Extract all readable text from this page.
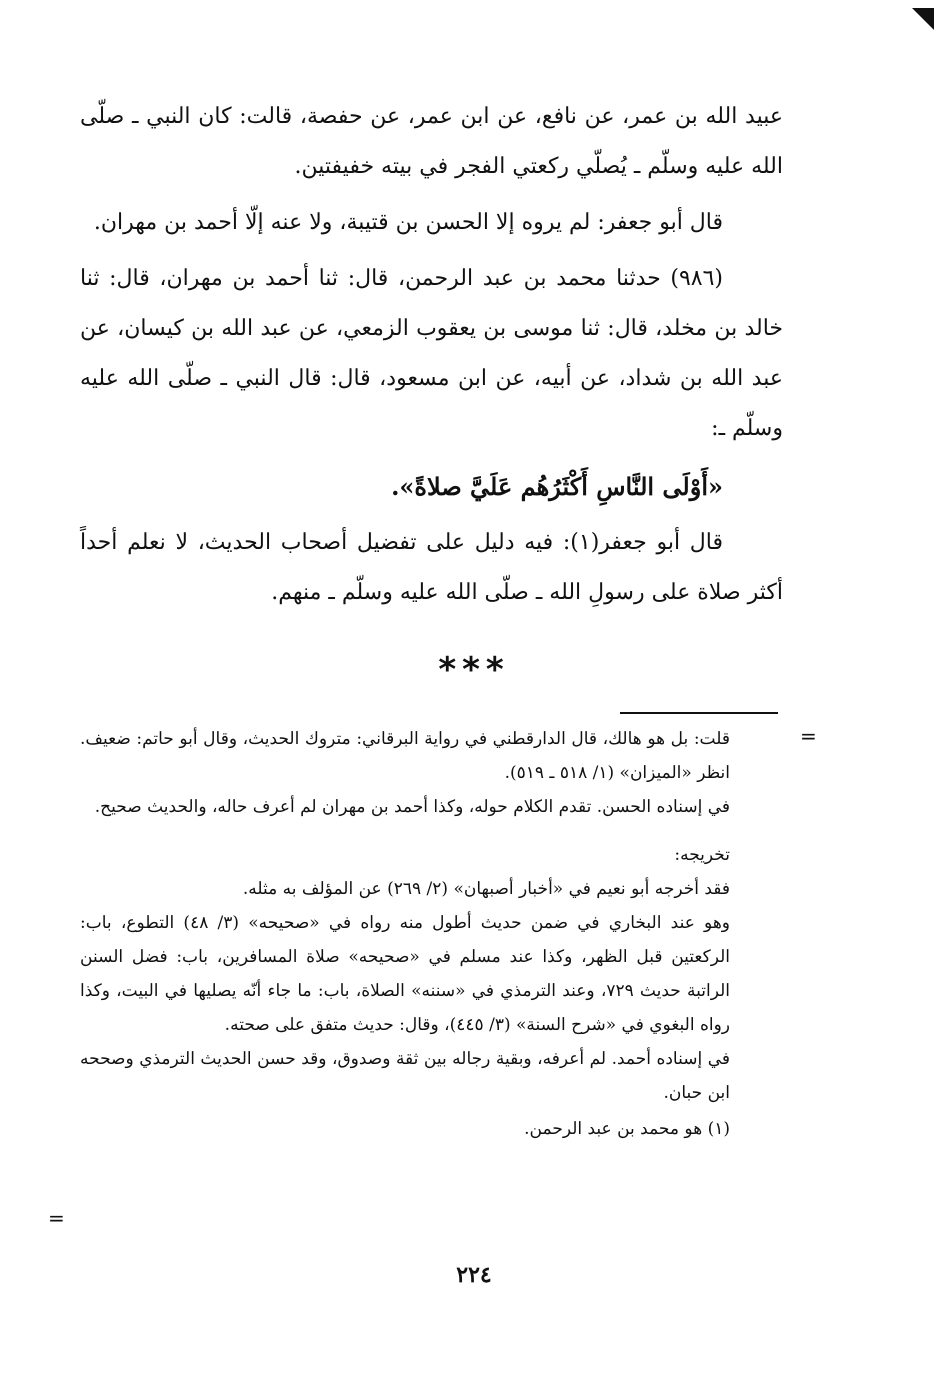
عبيد الله بن عمر، عن نافع، عن ابن عمر، عن حفصة، قالت: كان النبي ـ صلّى الله عليه وسلّم ـ يُصلّي ركعتي الفجر في بيته خفيفتين.

قال أبو جعفر: لم يروه إلا الحسن بن قتيبة، ولا عنه إلّا أحمد بن مهران.

(٩٨٦) حدثنا محمد بن عبد الرحمن، قال: ثنا أحمد بن مهران، قال: ثنا خالد بن مخلد، قال: ثنا موسى بن يعقوب الزمعي، عن عبد الله بن كيسان، عن عبد الله بن شداد، عن أبيه، عن ابن مسعود، قال: قال النبي ـ صلّى الله عليه وسلّم ـ:

«أَوْلَى النَّاسِ أَكْثَرُهُم عَلَيَّ صلاةً».

قال أبو جعفر(١): فيه دليل على تفضيل أصحاب الحديث، لا نعلم أحداً أكثر صلاة على رسولِ الله ـ صلّى الله عليه وسلّم ـ منهم.

***
=

قلت: بل هو هالك، قال الدارقطني في رواية البرقاني: متروك الحديث، وقال أبو حاتم: ضعيف. انظر «الميزان» (١/ ٥١٨ ـ ٥١٩).

في إسناده الحسن. تقدم الكلام حوله، وكذا أحمد بن مهران لم أعرف حاله، والحديث صحيح.

تخريجه:

فقد أخرجه أبو نعيم في «أخبار أصبهان» (٢/ ٢٦٩) عن المؤلف به مثله.

وهو عند البخاري في ضمن حديث أطول منه رواه في «صحيحه» (٣/ ٤٨) التطوع، باب: الركعتين قبل الظهر، وكذا عند مسلم في «صحيحه» صلاة المسافرين، باب: فضل السنن الراتبة حديث ٧٢٩، وعند الترمذي في «سننه» الصلاة، باب: ما جاء أنّه يصليها في البيت، وكذا رواه البغوي في «شرح السنة» (٣/ ٤٤٥)، وقال: حديث متفق على صحته.

في إسناده أحمد. لم أعرفه، وبقية رجاله بين ثقة وصدوق، وقد حسن الحديث الترمذي وصححه ابن حبان.

(١) هو محمد بن عبد الرحمن.

=
٢٢٤
